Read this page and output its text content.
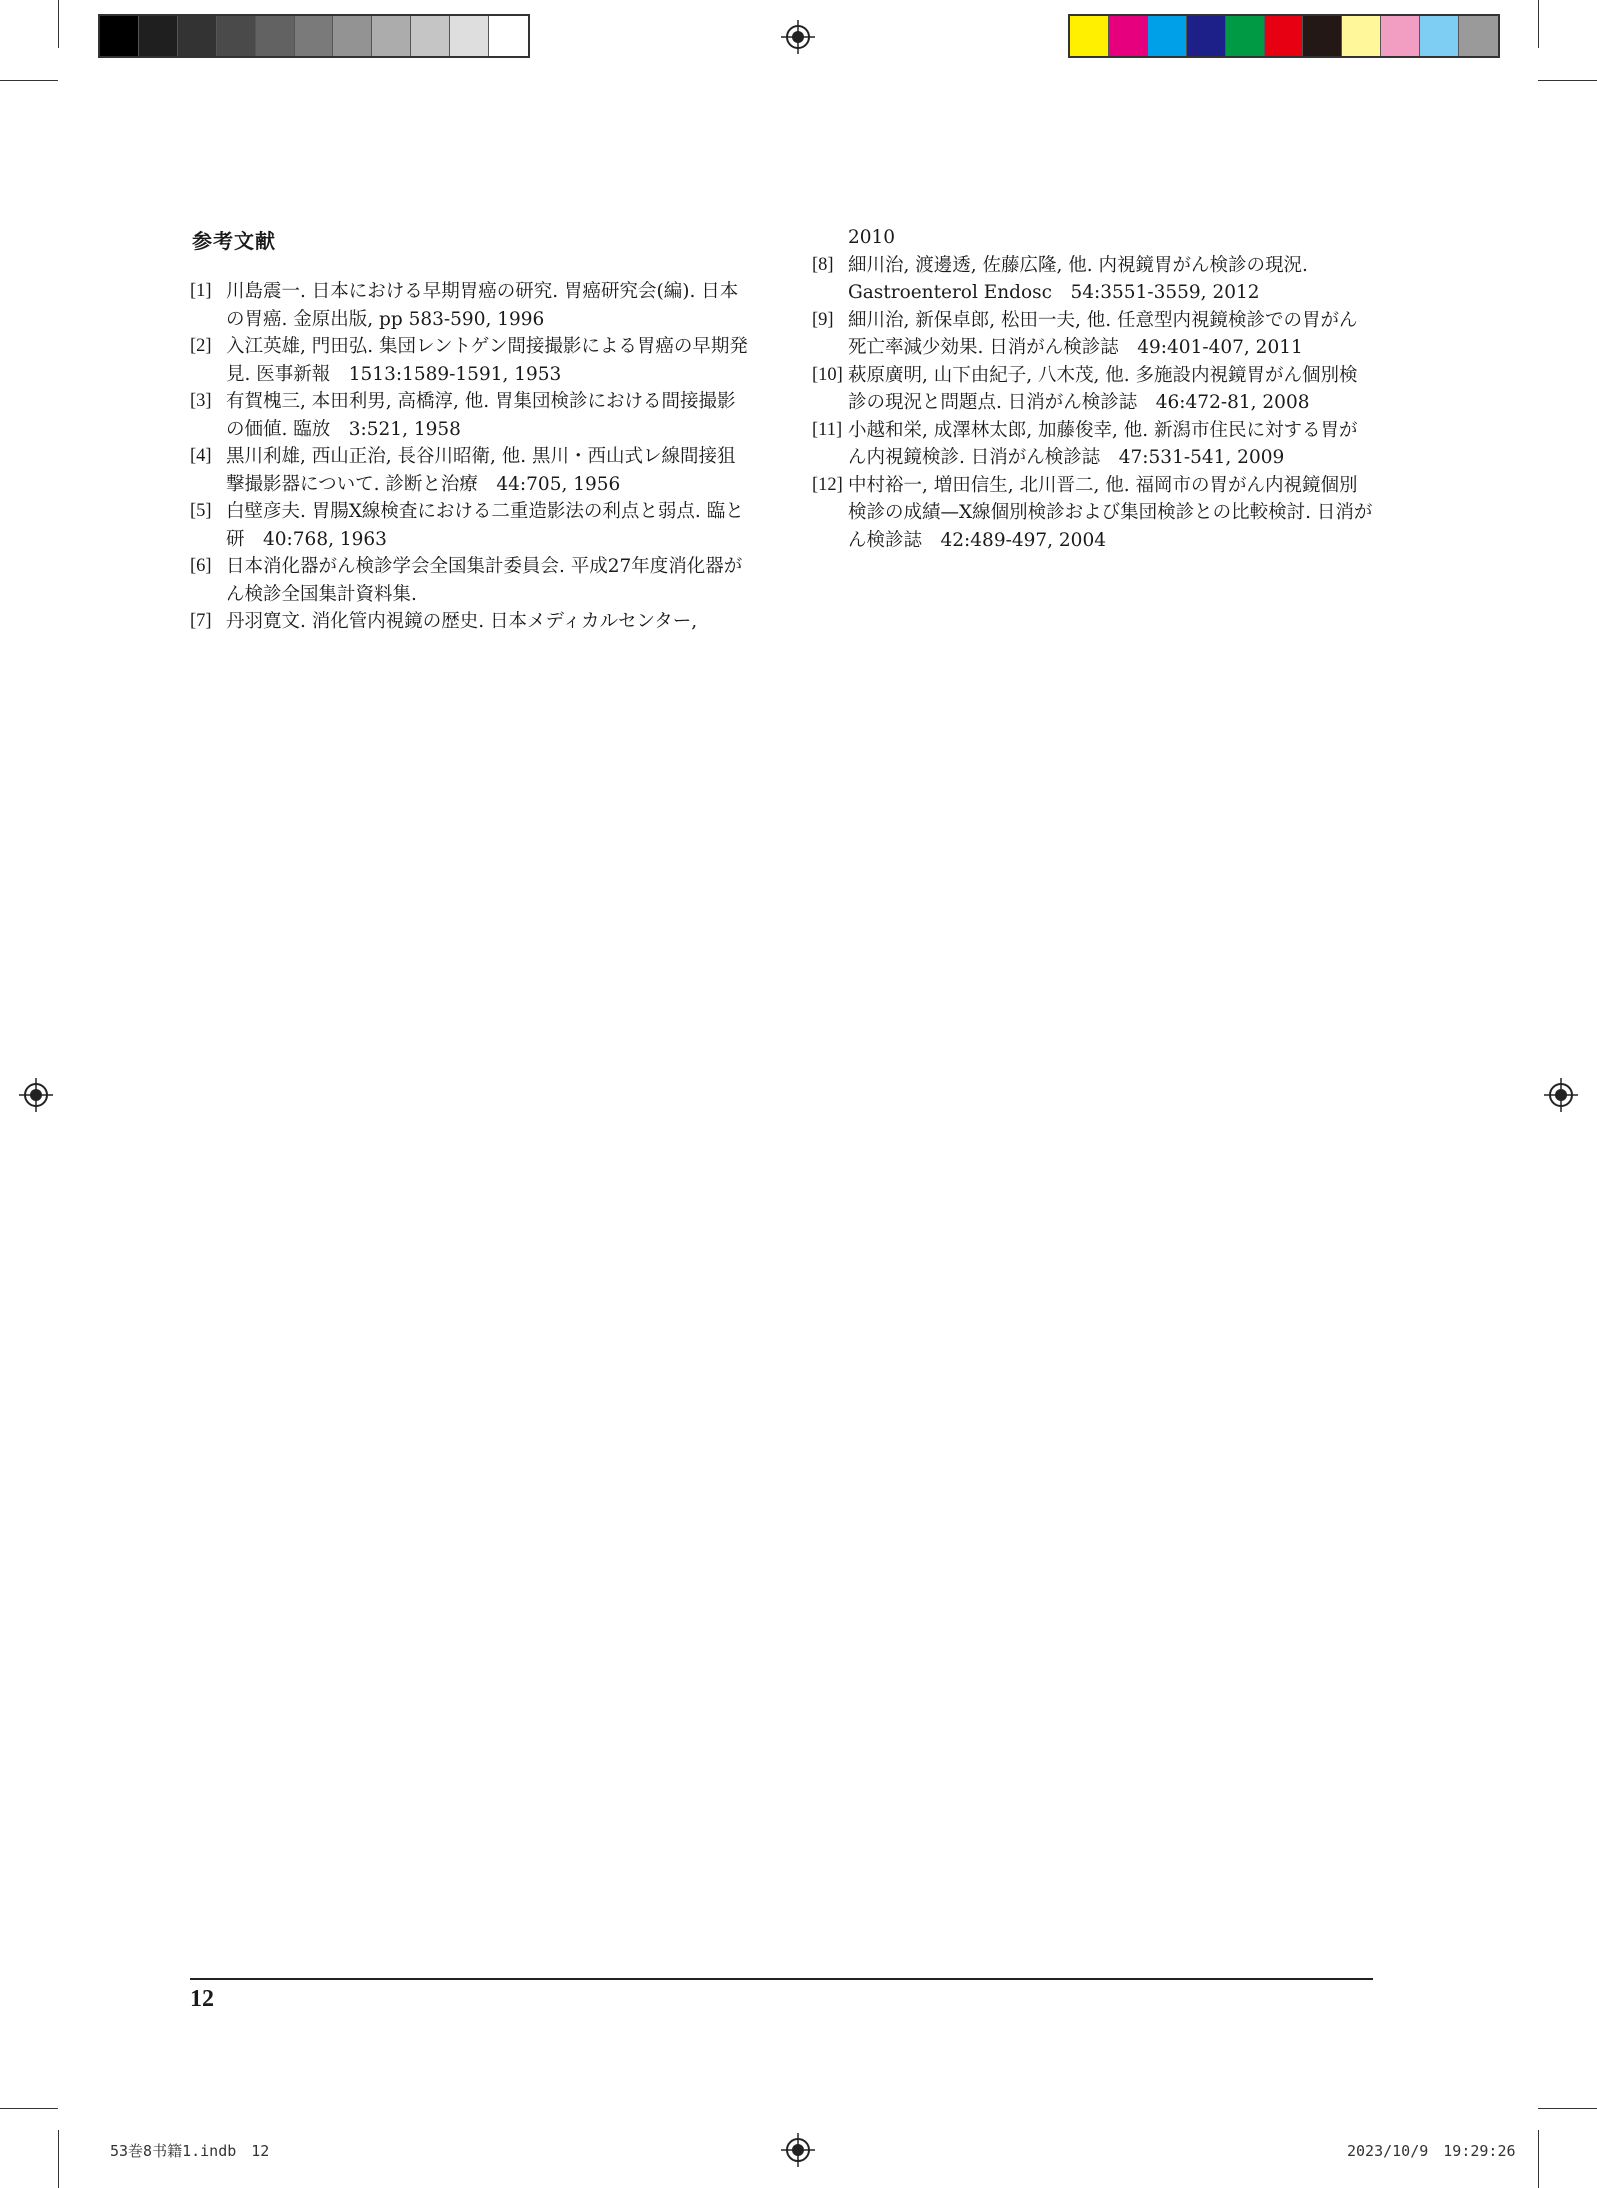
参考文献
[1] 川島震一. 日本における早期胃癌の研究. 胃癌研究会(編). 日本の胃癌. 金原出版, pp 583-590, 1996
[2] 入江英雄, 門田弘. 集団レントゲン間接撮影による胃癌の早期発見. 医事新報　1513:1589-1591, 1953
[3] 有賀槐三, 本田利男, 高橋淳, 他. 胃集団検診における間接撮影の価値. 臨放　3:521, 1958
[4] 黒川利雄, 西山正治, 長谷川昭衛, 他. 黒川・西山式レ線間接狙撃撮影器について. 診断と治療　44:705, 1956
[5] 白壁彦夫. 胃腸X線検査における二重造影法の利点と弱点. 臨と研　40:768, 1963
[6] 日本消化器がん検診学会全国集計委員会. 平成27年度消化器がん検診全国集計資料集.
[7] 丹羽寛文. 消化管内視鏡の歴史. 日本メディカルセンター,
2010
[8] 細川治, 渡邊透, 佐藤広隆, 他. 内視鏡胃がん検診の現況. Gastroenterol Endosc　54:3551-3559, 2012
[9] 細川治, 新保卓郎, 松田一夫, 他. 任意型内視鏡検診での胃がん死亡率減少効果. 日消がん検診誌　49:401-407, 2011
[10] 萩原廣明, 山下由紀子, 八木茂, 他. 多施設内視鏡胃がん個別検診の現況と問題点. 日消がん検診誌　46:472-81, 2008
[11] 小越和栄, 成澤林太郎, 加藤俊幸, 他. 新潟市住民に対する胃がん内視鏡検診. 日消がん検診誌　47:531-541, 2009
[12] 中村裕一, 増田信生, 北川晋二, 他. 福岡市の胃がん内視鏡個別検診の成績—X線個別検診および集団検診との比較検討. 日消がん検診誌　42:489-497, 2004
12
53巻8书籍1.indb　12	2023/10/9　19:29:26
